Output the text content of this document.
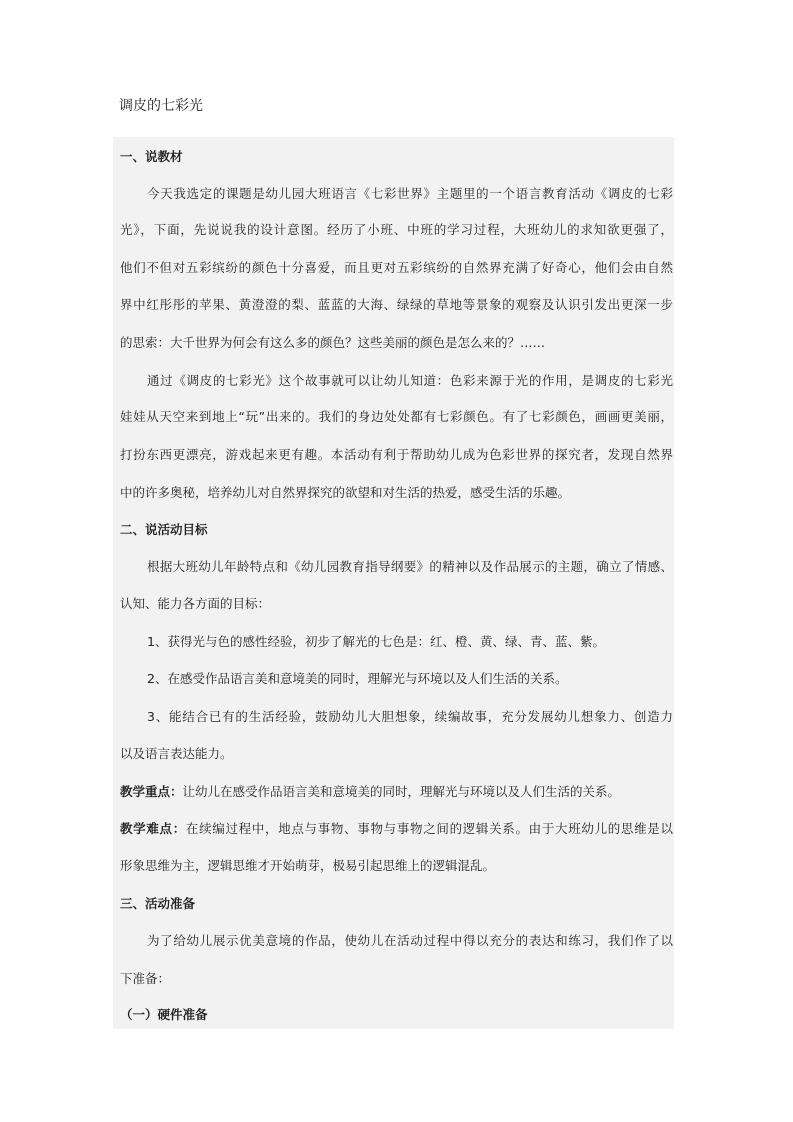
调皮的七彩光
一、说教材
今天我选定的课题是幼儿园大班语言《七彩世界》主题里的一个语言教育活动《调皮的七彩
光》，下面，先说说我的设计意图。经历了小班、中班的学习过程，大班幼儿的求知欲更强了，
他们不但对五彩缤纷的颜色十分喜爱，而且更对五彩缤纷的自然界充满了好奇心，他们会由自然
界中红彤彤的苹果、黄澄澄的梨、蓝蓝的大海、绿绿的草地等景象的观察及认识引发出更深一步
的思索：大千世界为何会有这么多的颜色？这些美丽的颜色是怎么来的？……
通过《调皮的七彩光》这个故事就可以让幼儿知道：色彩来源于光的作用，是调皮的七彩光
娃娃从天空来到地上“玩”出来的。我们的身边处处都有七彩颜色。有了七彩颜色，画画更美丽，
打扮东西更漂亮，游戏起来更有趣。本活动有利于帮助幼儿成为色彩世界的探究者，发现自然界
中的许多奥秘，培养幼儿对自然界探究的欲望和对生活的热爱，感受生活的乐趣。
二、说活动目标
根据大班幼儿年龄特点和《幼儿园教育指导纲要》的精神以及作品展示的主题，确立了情感、
认知、能力各方面的目标：
1、获得光与色的感性经验，初步了解光的七色是：红、橙、黄、绿、青、蓝、紫。
2、在感受作品语言美和意境美的同时，理解光与环境以及人们生活的关系。
3、能结合已有的生活经验，鼓励幼儿大胆想象，续编故事，充分发展幼儿想象力、创造力
以及语言表达能力。
教学重点：让幼儿在感受作品语言美和意境美的同时，理解光与环境以及人们生活的关系。
教学难点：在续编过程中，地点与事物、事物与事物之间的逻辑关系。由于大班幼儿的思维是以
形象思维为主，逻辑思维才开始萌芽，极易引起思维上的逻辑混乱。
三、活动准备
为了给幼儿展示优美意境的作品，使幼儿在活动过程中得以充分的表达和练习，我们作了以
下准备：
（一）硬件准备
